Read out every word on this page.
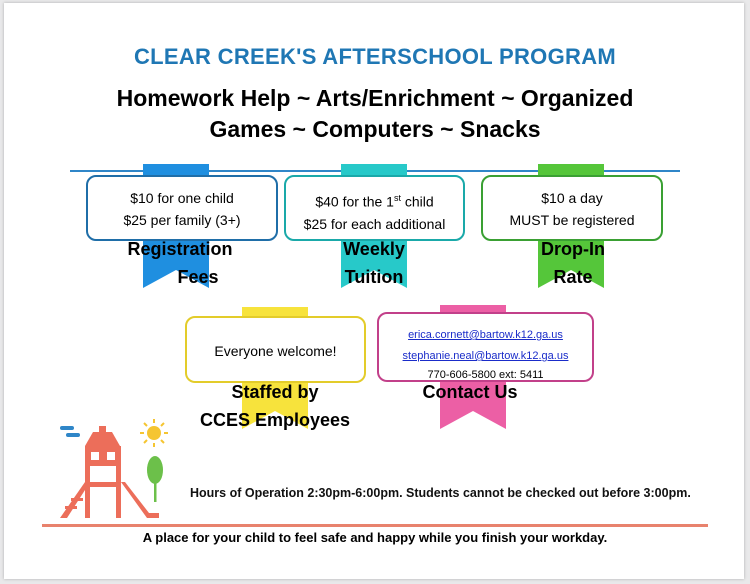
CLEAR CREEK'S AFTERSCHOOL PROGRAM
Homework Help ~ Arts/Enrichment ~ Organized
Games ~ Computers ~ Snacks
$10 for one child
$25 per family (3+)
$40 for the 1st child
$25 for each additional
$10 a day
MUST be registered
Everyone welcome!
erica.cornett@bartow.k12.ga.us
stephanie.neal@bartow.k12.ga.us
770-606-5800 ext: 5411
Registration
Fees
Weekly
Tuition
Drop-In
Rate
Staffed by
CCES Employees
Contact Us
Hours of Operation 2:30pm-6:00pm. Students cannot be checked out before 3:00pm.
A place for your child to feel safe and happy while you finish your workday.
